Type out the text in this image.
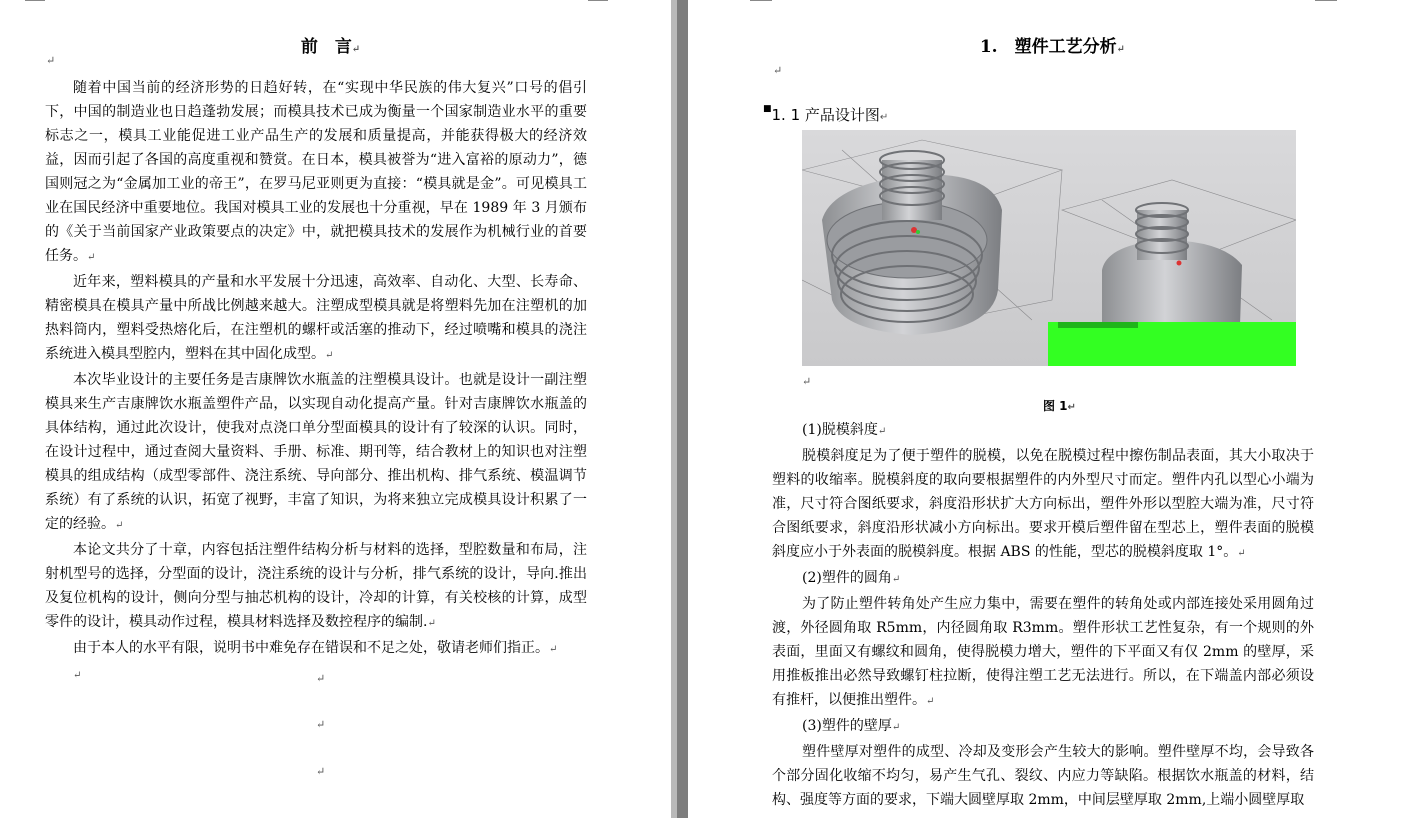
前　言↵

↵

随着中国当前的经济形势的日趋好转，在“实现中华民族的伟大复兴”口号的倡引下，中国的制造业也日趋蓬勃发展；而模具技术已成为衡量一个国家制造业水平的重要标志之一，模具工业能促进工业产品生产的发展和质量提高，并能获得极大的经济效益，因而引起了各国的高度重视和赞赏。在日本，模具被誉为“进入富裕的原动力”，德国则冠之为“金属加工业的帝王”，在罗马尼亚则更为直接：“模具就是金”。可见模具工业在国民经济中重要地位。我国对模具工业的发展也十分重视，早在 1989 年 3 月颁布的《关于当前国家产业政策要点的决定》中，就把模具技术的发展作为机械行业的首要任务。↵

近年来，塑料模具的产量和水平发展十分迅速，高效率、自动化、大型、长寿命、精密模具在模具产量中所战比例越来越大。注塑成型模具就是将塑料先加在注塑机的加热料筒内，塑料受热熔化后，在注塑机的螺杆或活塞的推动下，经过喷嘴和模具的浇注系统进入模具型腔内，塑料在其中固化成型。↵

本次毕业设计的主要任务是吉康牌饮水瓶盖的注塑模具设计。也就是设计一副注塑模具来生产吉康牌饮水瓶盖塑件产品，以实现自动化提高产量。针对吉康牌饮水瓶盖的具体结构，通过此次设计，使我对点浇口单分型面模具的设计有了较深的认识。同时，在设计过程中，通过查阅大量资料、手册、标准、期刊等，结合教材上的知识也对注塑模具的组成结构（成型零部件、浇注系统、导向部分、推出机构、排气系统、模温调节系统）有了系统的认识，拓宽了视野，丰富了知识，为将来独立完成模具设计积累了一定的经验。↵

本论文共分了十章，内容包括注塑件结构分析与材料的选择，型腔数量和布局，注射机型号的选择，分型面的设计，浇注系统的设计与分析，排气系统的设计，导向.推出及复位机构的设计，侧向分型与抽芯机构的设计，冷却的计算，有关校核的计算，成型零件的设计，模具动作过程，模具材料选择及数控程序的编制.↵

由于本人的水平有限，说明书中难免存在错误和不足之处，敬请老师们指正。↵

↵	↵
↵
↵

1.　塑件工艺分析↵

↵
■1. 1 产品设计图↵
↵
图 1↵

(1)脱模斜度↵

脱模斜度足为了便于塑件的脱模，以免在脱模过程中擦伤制品表面，其大小取决于塑料的收缩率。脱模斜度的取向要根据塑件的内外型尺寸而定。塑件内孔以型心小端为准，尺寸符合图纸要求，斜度沿形状扩大方向标出，塑件外形以型腔大端为准，尺寸符合图纸要求，斜度沿形状减小方向标出。要求开模后塑件留在型芯上，塑件表面的脱模斜度应小于外表面的脱模斜度。根据 ABS 的性能，型芯的脱模斜度取 1°。↵

(2)塑件的圆角↵

为了防止塑件转角处产生应力集中，需要在塑件的转角处或内部连接处采用圆角过渡，外径圆角取 R5mm，内径圆角取 R3mm。塑件形状工艺性复杂，有一个规则的外表面，里面又有螺纹和圆角，使得脱模力增大，塑件的下平面又有仅 2mm 的壁厚，采用推板推出必然导致螺钉柱拉断，使得注塑工艺无法进行。所以，在下端盖内部必须设有推杆，以便推出塑件。↵

(3)塑件的壁厚↵

塑件壁厚对塑件的成型、冷却及变形会产生较大的影响。塑件壁厚不均，会导致各个部分固化收缩不均匀，易产生气孔、裂纹、内应力等缺陷。根据饮水瓶盖的材料，结构、强度等方面的要求，下端大圆壁厚取 2mm，中间层壁厚取 2mm,上端小圆壁厚取
